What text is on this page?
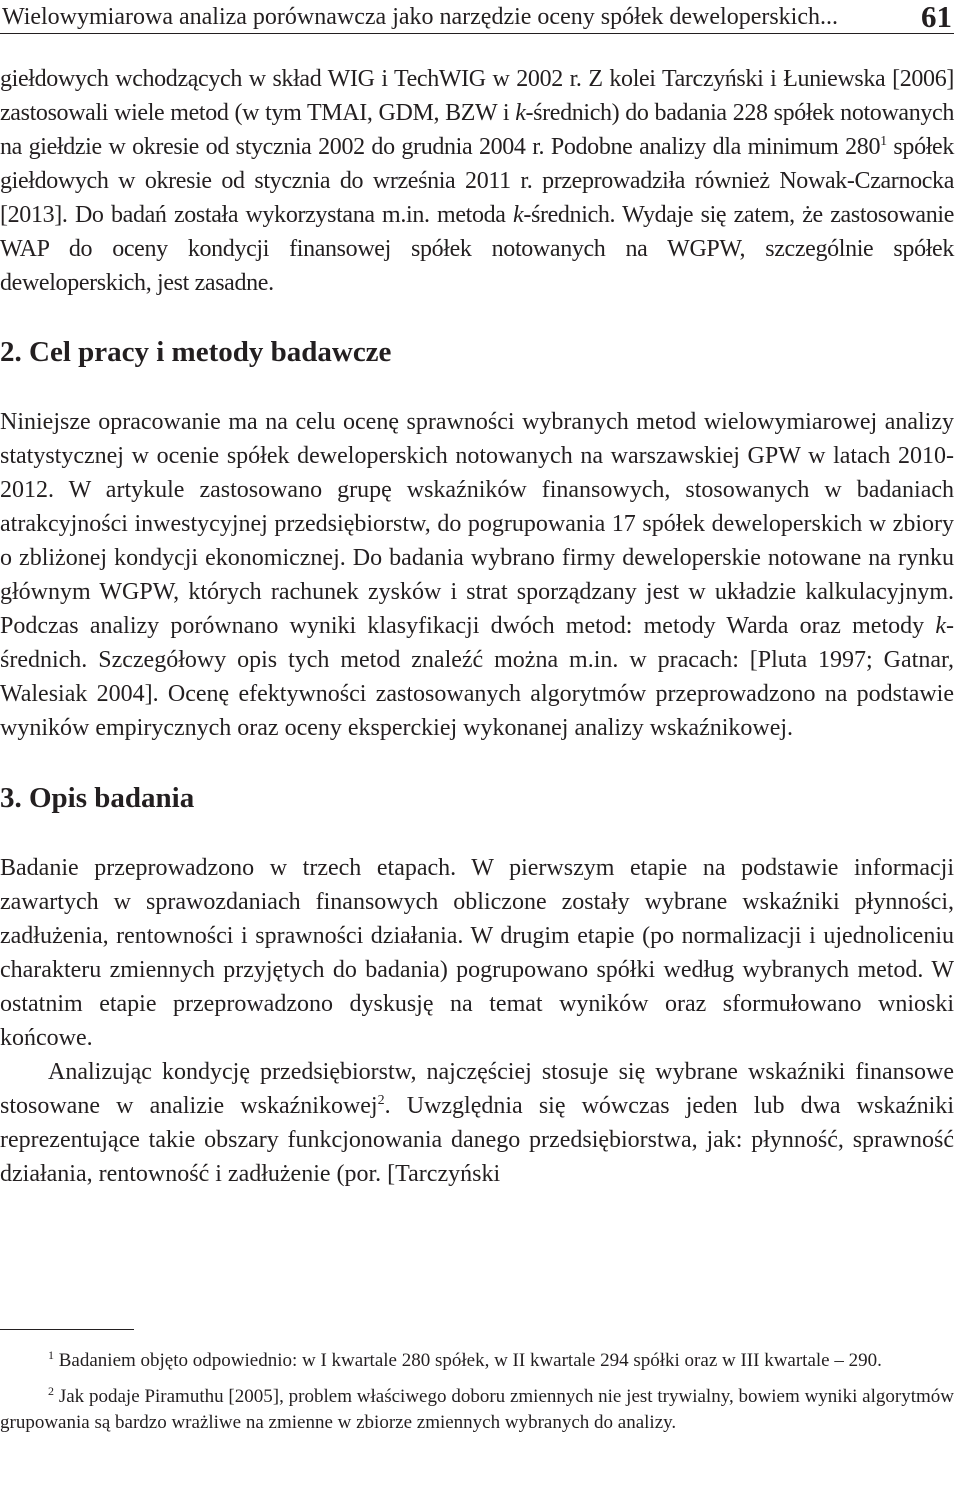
Wielowymiarowa analiza porównawcza jako narzędzie oceny spółek deweloperskich...	61

giełdowych wchodzących w skład WIG i TechWIG w 2002 r. Z kolei Tarczyński i Łuniewska [2006] zastosowali wiele metod (w tym TMAI, GDM, BZW i k-średnich) do badania 228 spółek notowanych na giełdzie w okresie od stycznia 2002 do grudnia 2004 r. Podobne analizy dla minimum $280^1$ spółek giełdowych w okresie od stycznia do września 2011 r. przeprowadziła również Nowak-Czarnocka [2013]. Do badań została wykorzystana m.in. metoda k-średnich. Wydaje się zatem, że zastosowanie WAP do oceny kondycji finansowej spółek notowanych na WGPW, szczególnie spółek deweloperskich, jest zasadne.

2. Cel pracy i metody badawcze

Niniejsze opracowanie ma na celu ocenę sprawności wybranych metod wielowymiarowej analizy statystycznej w ocenie spółek deweloperskich notowanych na warszawskiej GPW w latach 2010-2012. W artykule zastosowano grupę wskaźników finansowych, stosowanych w badaniach atrakcyjności inwestycyjnej przedsiębiorstw, do pogrupowania 17 spółek deweloperskich w zbiory o zbliżonej kondycji ekonomicznej. Do badania wybrano firmy deweloperskie notowane na rynku głównym WGPW, których rachunek zysków i strat sporządzany jest w układzie kalkulacyjnym. Podczas analizy porównano wyniki klasyfikacji dwóch metod: metody Warda oraz metody k-średnich. Szczegółowy opis tych metod znaleźć można m.in. w pracach: [Pluta 1997; Gatnar, Walesiak 2004]. Ocenę efektywności zastosowanych algorytmów przeprowadzono na podstawie wyników empirycznych oraz oceny eksperckiej wykonanej analizy wskaźnikowej.

3. Opis badania

Badanie przeprowadzono w trzech etapach. W pierwszym etapie na podstawie informacji zawartych w sprawozdaniach finansowych obliczone zostały wybrane wskaźniki płynności, zadłużenia, rentowności i sprawności działania. W drugim etapie (po normalizacji i ujednoliceniu charakteru zmiennych przyjętych do badania) pogrupowano spółki według wybranych metod. W ostatnim etapie przeprowadzono dyskusję na temat wyników oraz sformułowano wnioski końcowe.

Analizując kondycję przedsiębiorstw, najczęściej stosuje się wybrane wskaźniki finansowe stosowane w analizie wskaźnikowej$^2$. Uwzględnia się wówczas jeden lub dwa wskaźniki reprezentujące takie obszary funkcjonowania danego przedsiębiorstwa, jak: płynność, sprawność działania, rentowność i zadłużenie (por. [Tarczyński

$^1$ Badaniem objęto odpowiednio: w I kwartale 280 spółek, w II kwartale 294 spółki oraz w III kwartale – 290.

$^2$ Jak podaje Piramuthu [2005], problem właściwego doboru zmiennych nie jest trywialny, bowiem wyniki algorytmów grupowania są bardzo wrażliwe na zmienne w zbiorze zmiennych wybranych do analizy.
